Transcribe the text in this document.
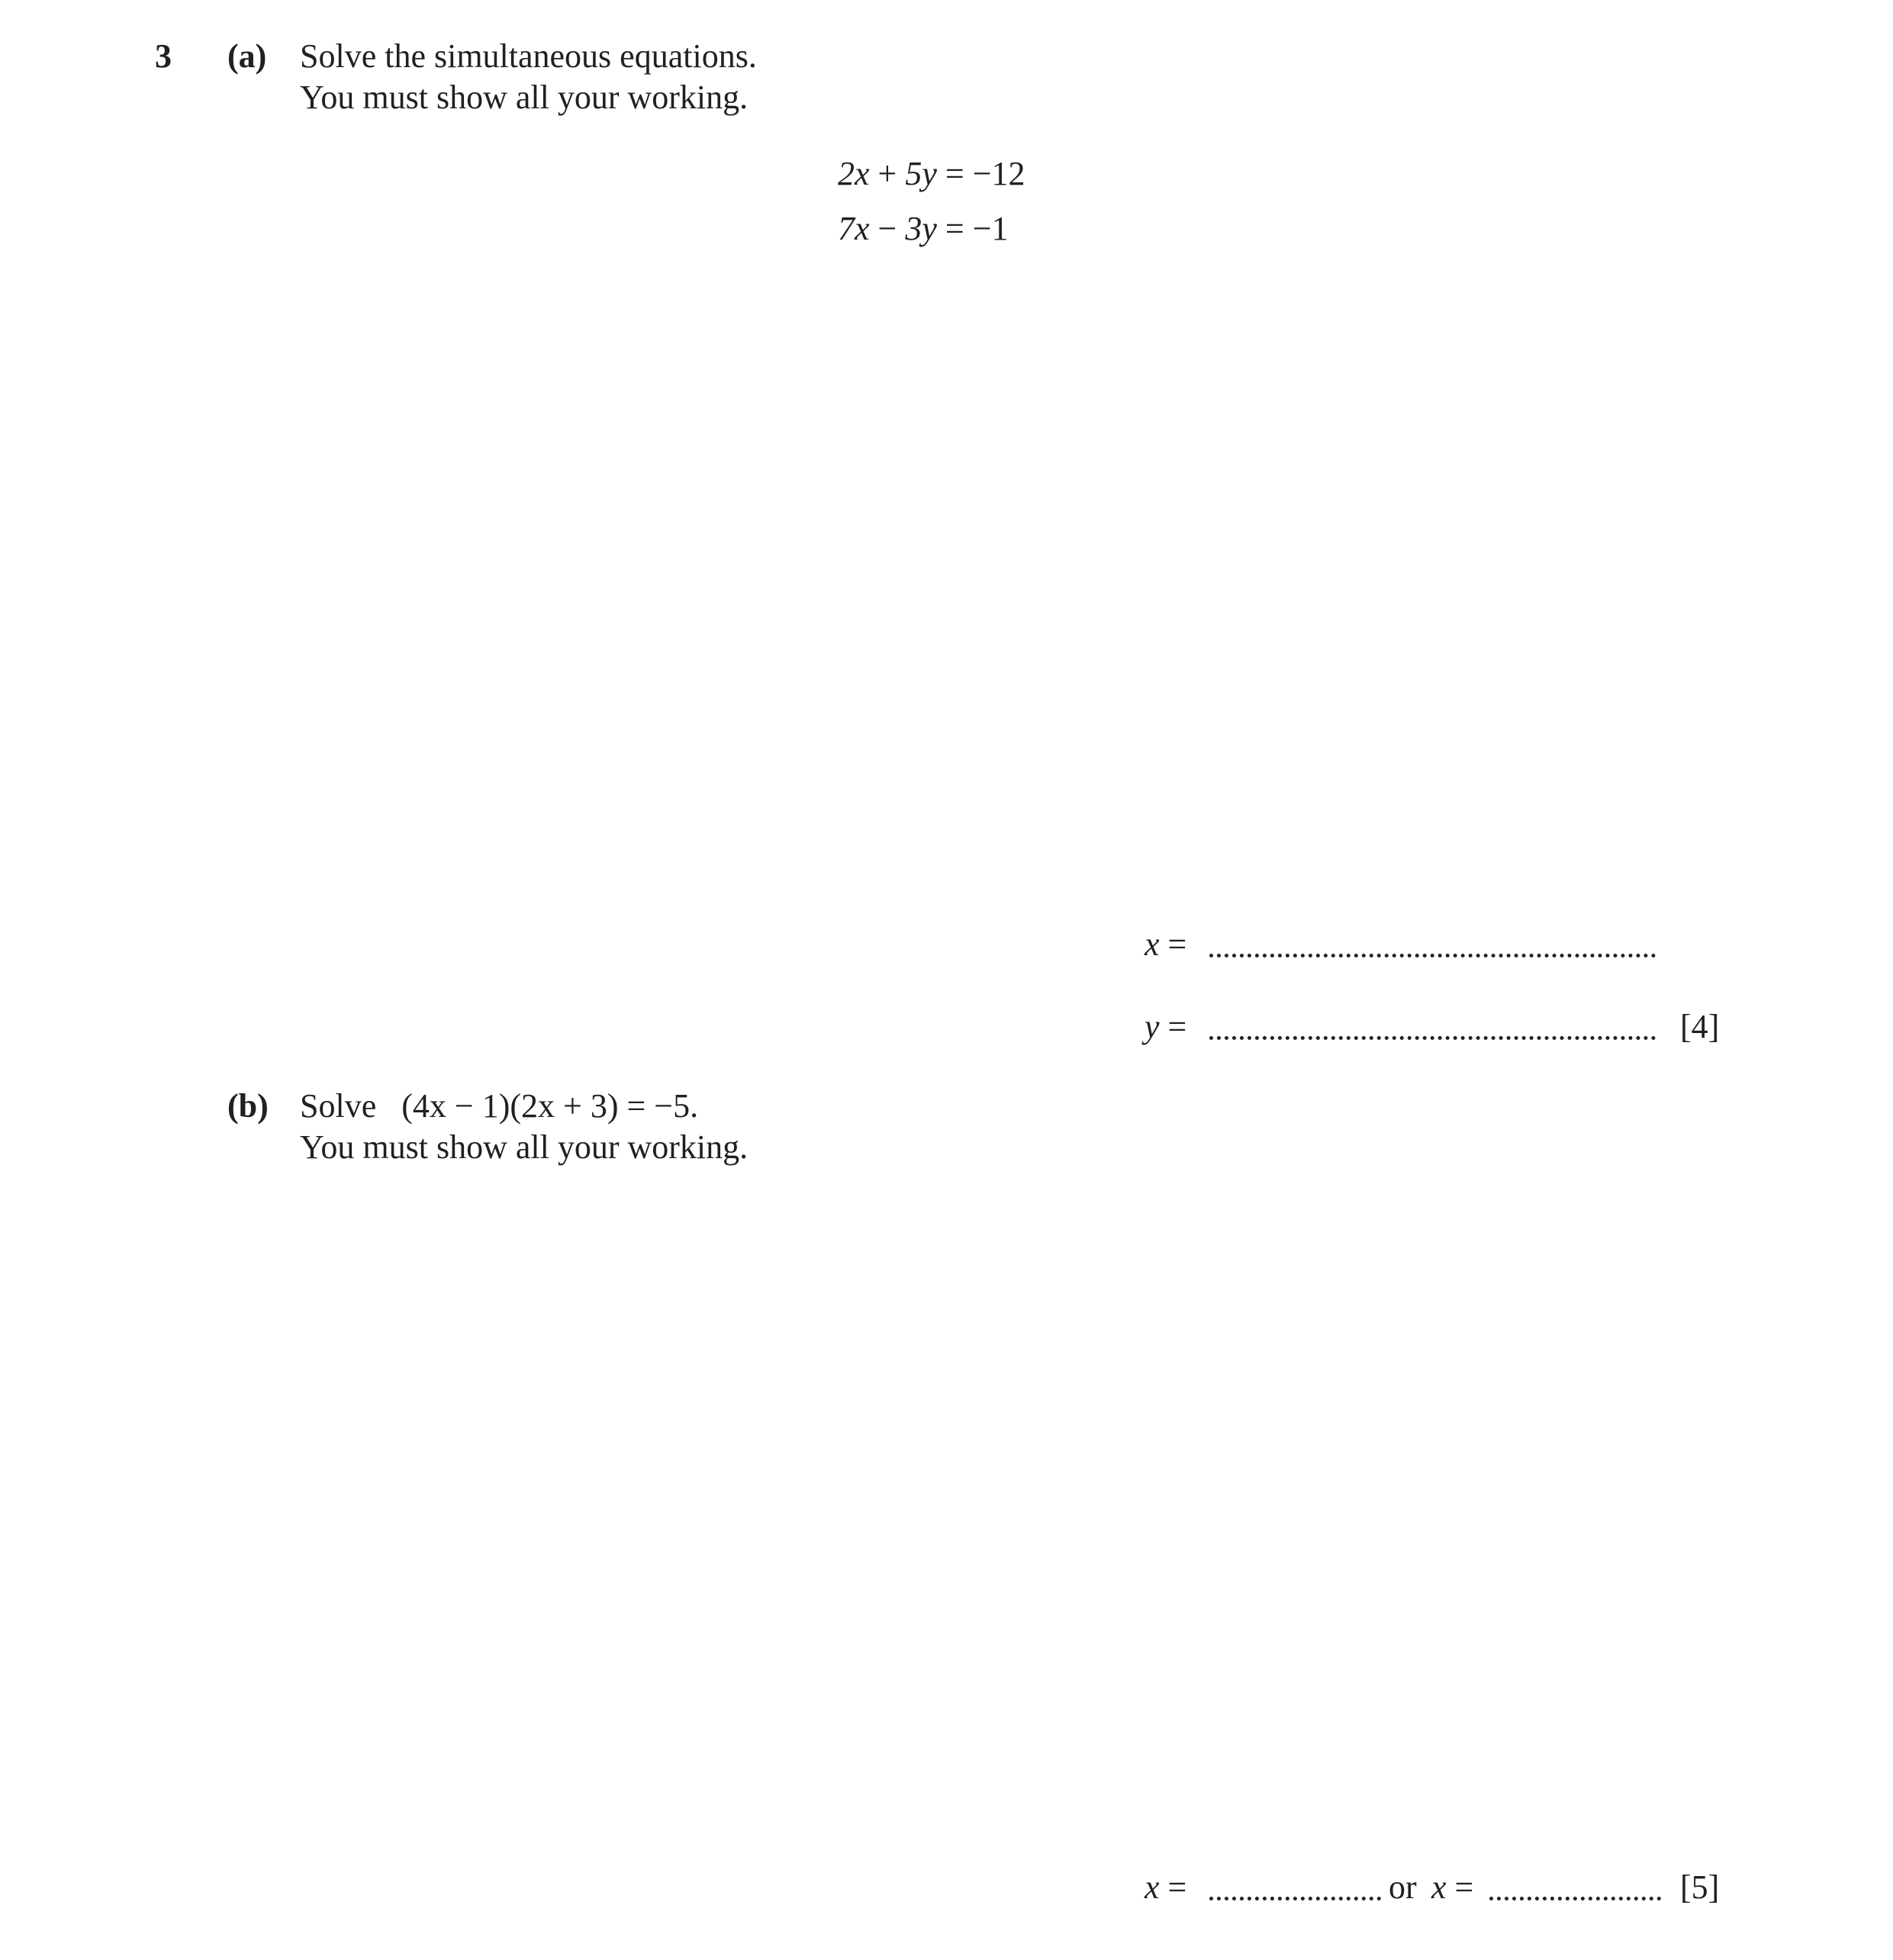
3 (a) Solve the simultaneous equations.
You must show all your working.
2x + 5y = −12
7x − 3y = −1
x =
y =	[4]
(b) Solve (4x − 1)(2x + 3) = −5.
You must show all your working.
x =	or x =	[5]
